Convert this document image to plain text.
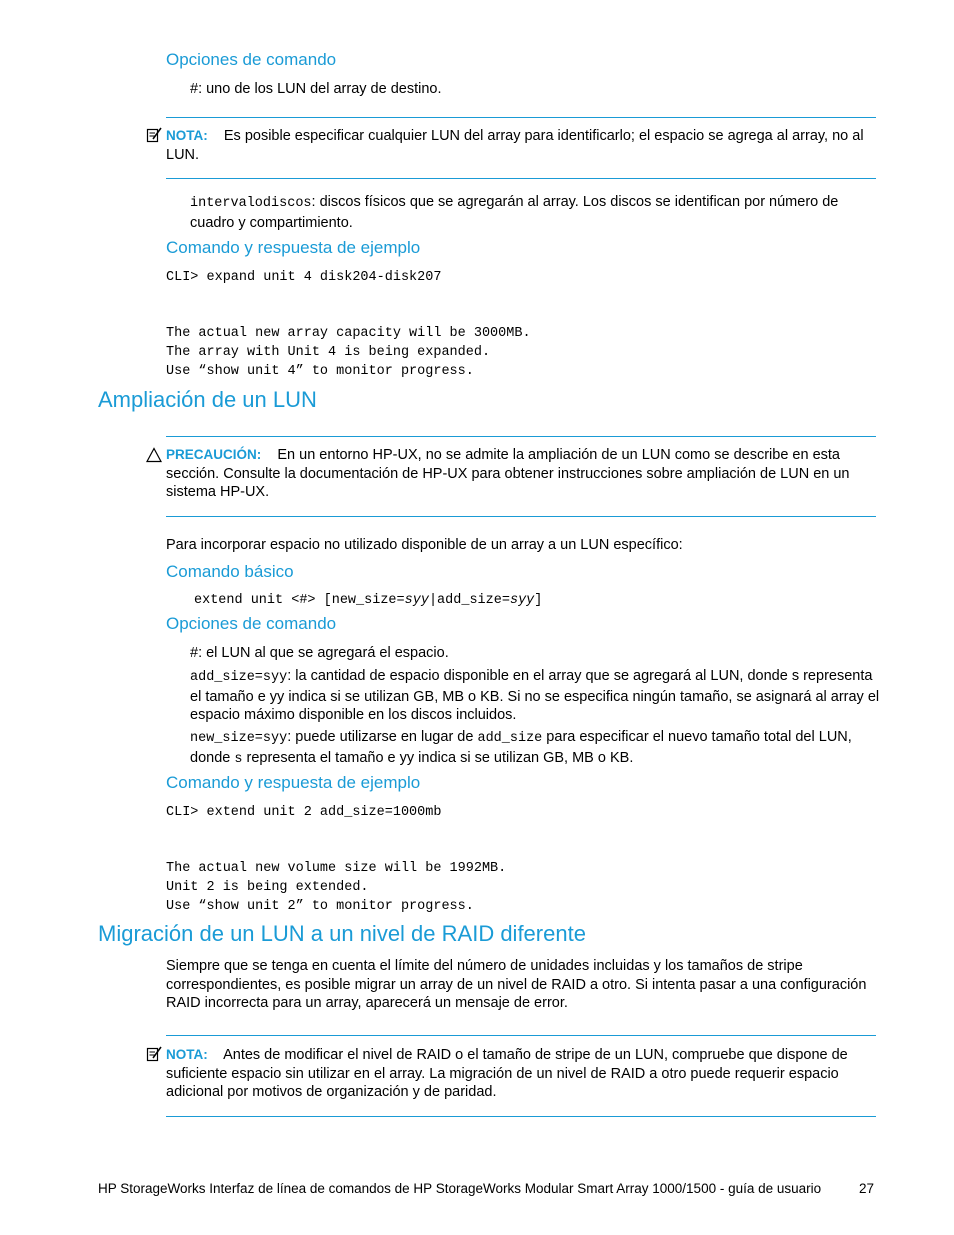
Opciones de comando
#: uno de los LUN del array de destino.
NOTA: Es posible especificar cualquier LUN del array para identificarlo; el espacio se agrega al array, no al LUN.
intervalodiscos: discos físicos que se agregarán al array. Los discos se identifican por número de cuadro y compartimiento.
Comando y respuesta de ejemplo
CLI> expand unit 4 disk204-disk207
The actual new array capacity will be 3000MB.
The array with Unit 4 is being expanded.
Use “show unit 4” to monitor progress.
Ampliación de un LUN
PRECAUCIÓN: En un entorno HP-UX, no se admite la ampliación de un LUN como se describe en esta sección. Consulte la documentación de HP-UX para obtener instrucciones sobre ampliación de LUN en un sistema HP-UX.
Para incorporar espacio no utilizado disponible de un array a un LUN específico:
Comando básico
extend unit <#> [new_size=syy|add_size=syy]
Opciones de comando
#: el LUN al que se agregará el espacio.
add_size=syy: la cantidad de espacio disponible en el array que se agregará al LUN, donde s representa el tamaño e yy indica si se utilizan GB, MB o KB. Si no se especifica ningún tamaño, se asignará al array el espacio máximo disponible en los discos incluidos.
new_size=syy: puede utilizarse en lugar de add_size para especificar el nuevo tamaño total del LUN, donde s representa el tamaño e yy indica si se utilizan GB, MB o KB.
Comando y respuesta de ejemplo
CLI> extend unit 2 add_size=1000mb
The actual new volume size will be 1992MB.
Unit 2 is being extended.
Use “show unit 2” to monitor progress.
Migración de un LUN a un nivel de RAID diferente
Siempre que se tenga en cuenta el límite del número de unidades incluidas y los tamaños de stripe correspondientes, es posible migrar un array de un nivel de RAID a otro. Si intenta pasar a una configuración RAID incorrecta para un array, aparecerá un mensaje de error.
NOTA: Antes de modificar el nivel de RAID o el tamaño de stripe de un LUN, compruebe que dispone de suficiente espacio sin utilizar en el array. La migración de un nivel de RAID a otro puede requerir espacio adicional por motivos de organización y de paridad.
HP StorageWorks Interfaz de línea de comandos de HP StorageWorks Modular Smart Array 1000/1500 - guía de usuario	27
